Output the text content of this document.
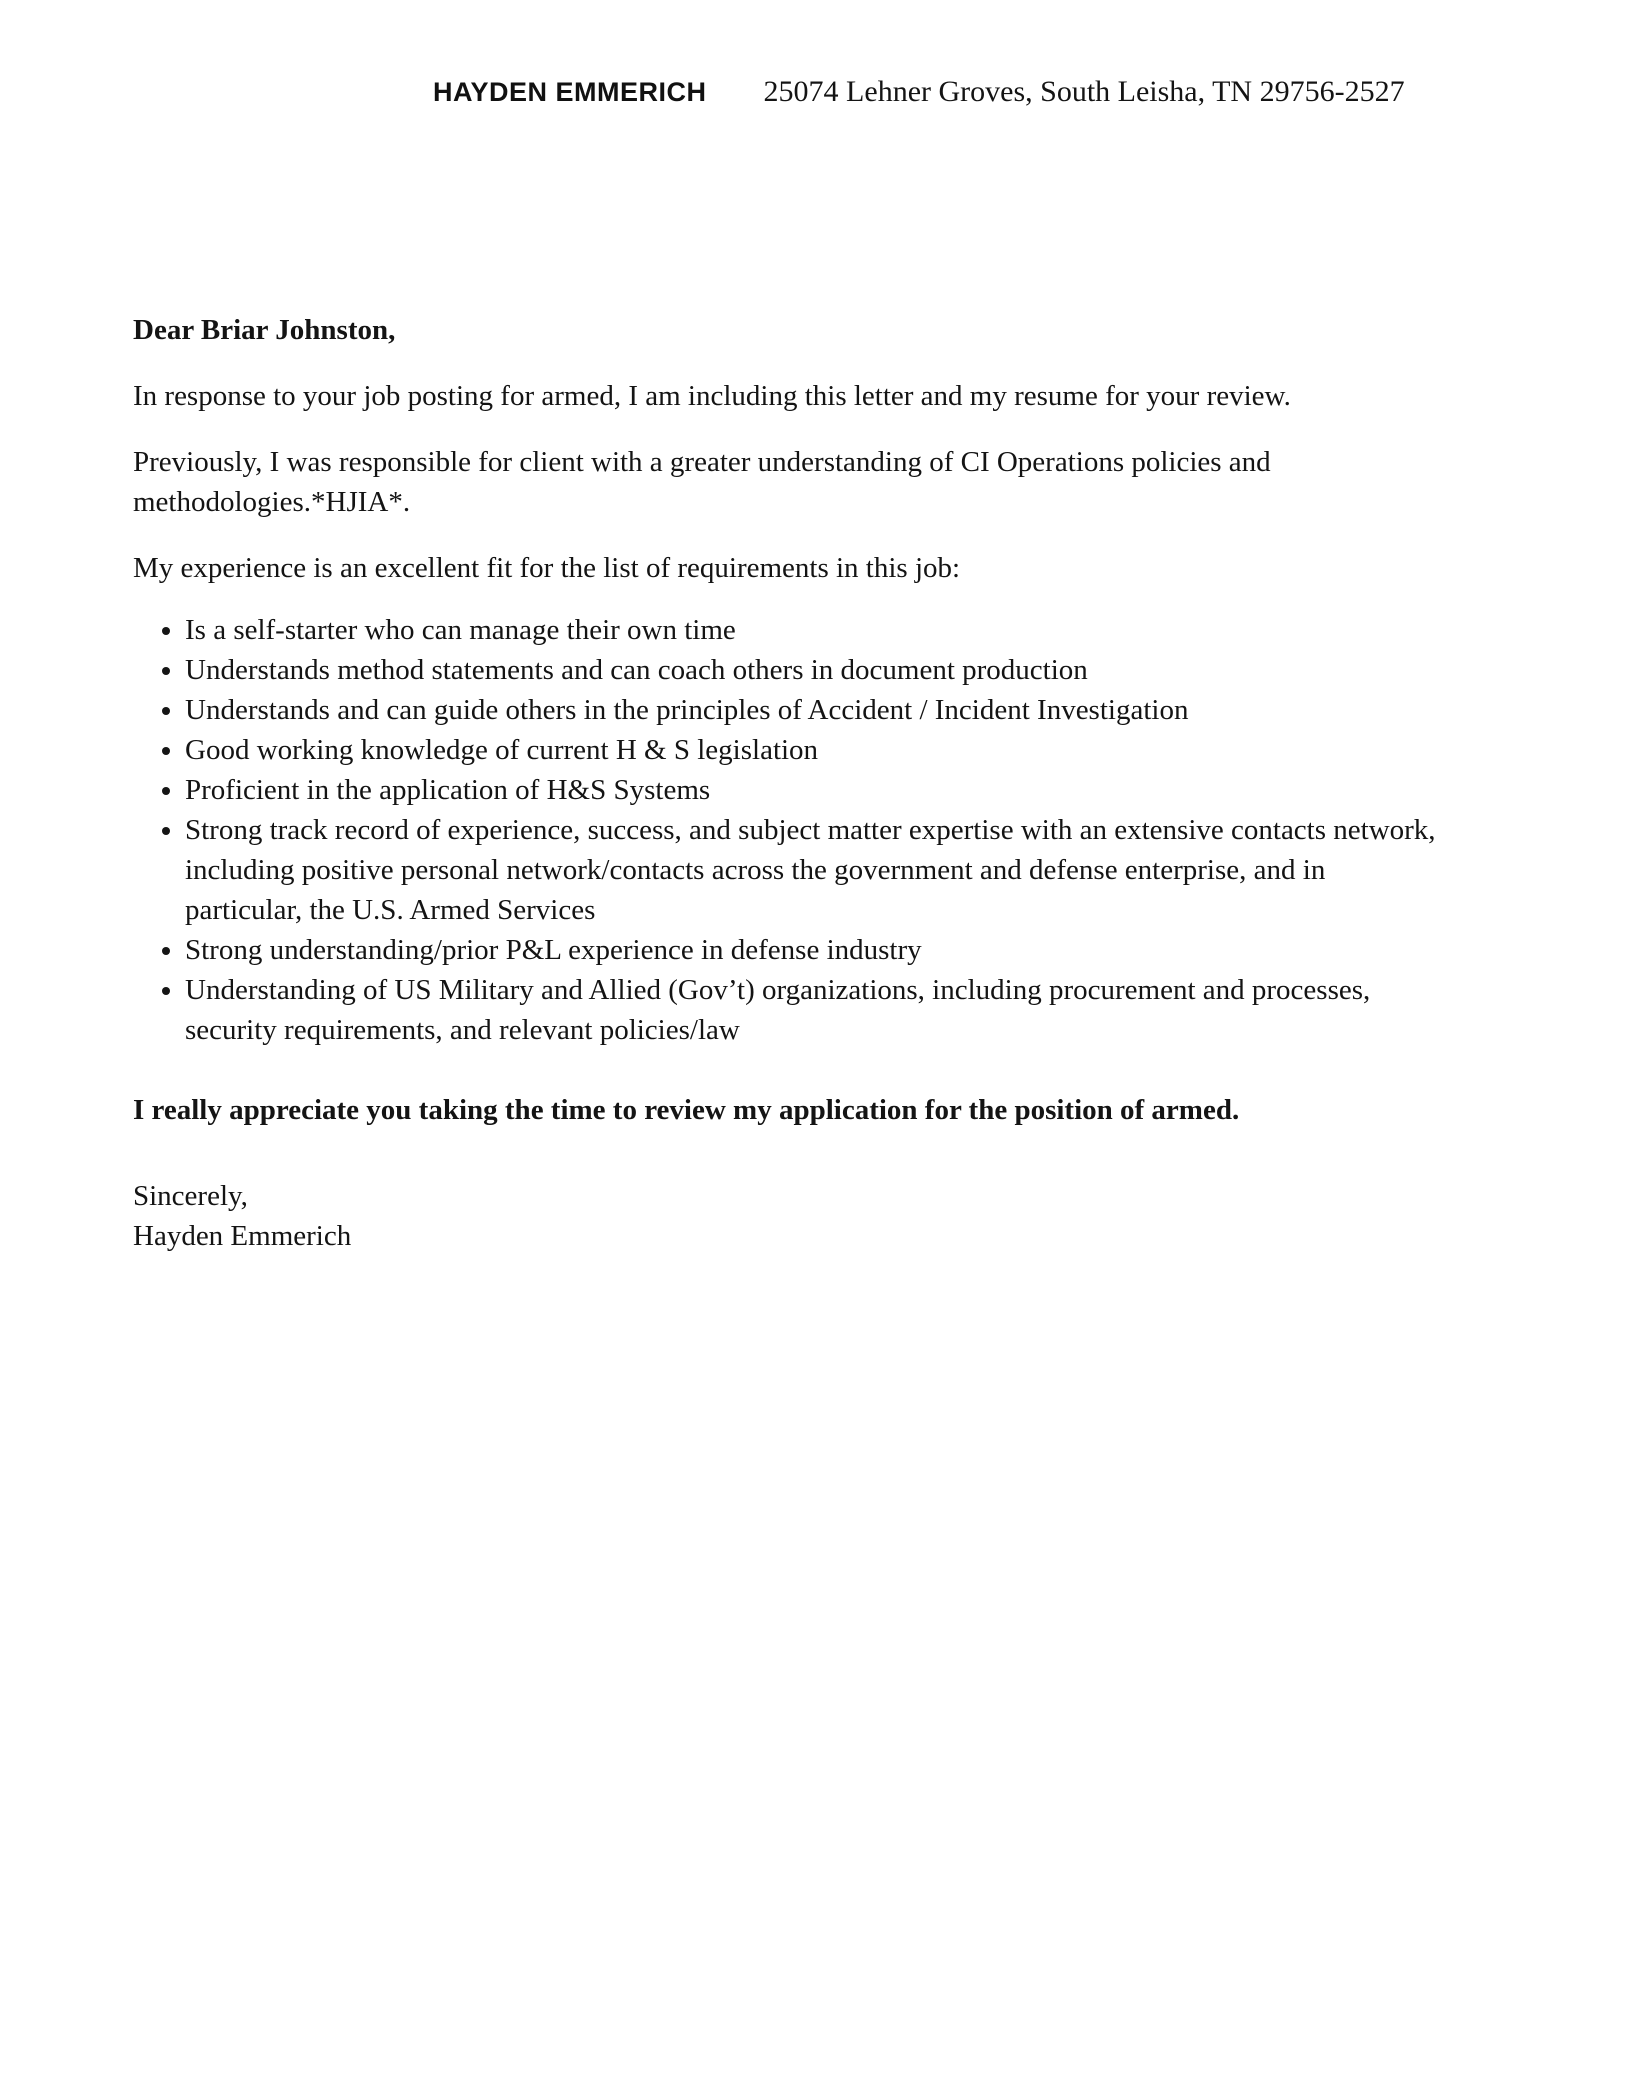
HAYDEN EMMERICH 25074 Lehner Groves, South Leisha, TN 29756-2527
Dear Briar Johnston,
In response to your job posting for armed, I am including this letter and my resume for your review.
Previously, I was responsible for client with a greater understanding of CI Operations policies and methodologies.*HJIA*.
My experience is an excellent fit for the list of requirements in this job:
• Is a self-starter who can manage their own time
• Understands method statements and can coach others in document production
• Understands and can guide others in the principles of Accident / Incident Investigation
• Good working knowledge of current H & S legislation
• Proficient in the application of H&S Systems
• Strong track record of experience, success, and subject matter expertise with an extensive contacts network, including positive personal network/contacts across the government and defense enterprise, and in particular, the U.S. Armed Services
• Strong understanding/prior P&L experience in defense industry
• Understanding of US Military and Allied (Gov’t) organizations, including procurement and processes, security requirements, and relevant policies/law
I really appreciate you taking the time to review my application for the position of armed.
Sincerely,
Hayden Emmerich
